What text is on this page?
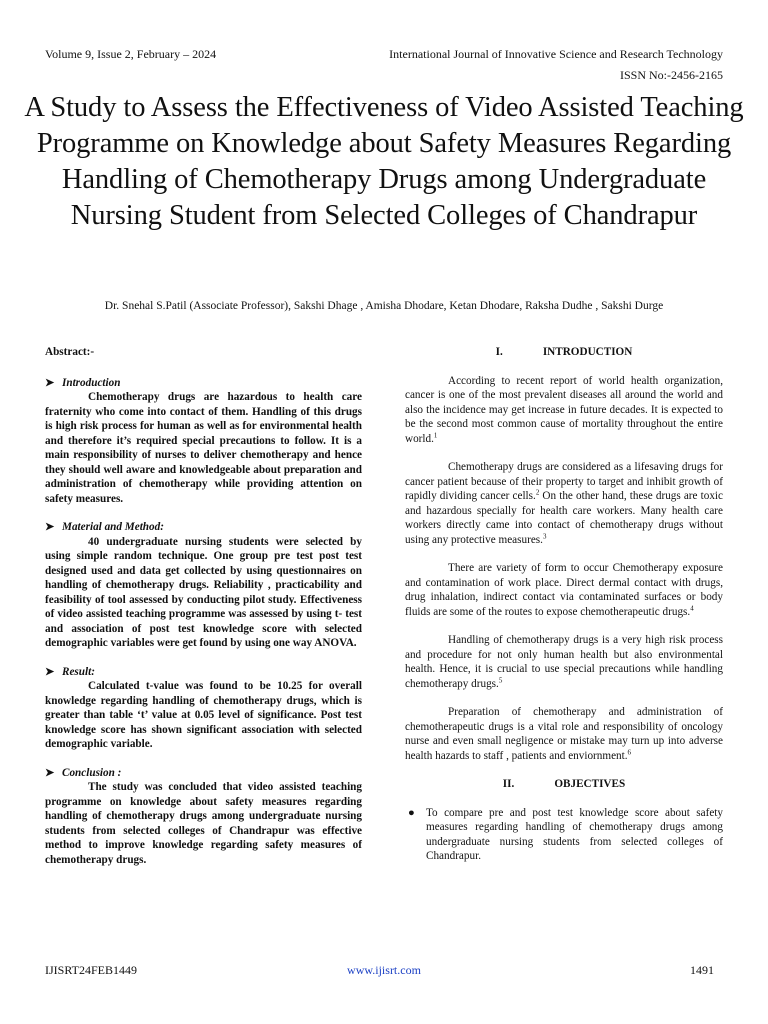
Volume 9, Issue 2, February – 2024	International Journal of Innovative Science and Research Technology
ISSN No:-2456-2165
A Study to Assess the Effectiveness of Video Assisted Teaching Programme on Knowledge about Safety Measures Regarding Handling of Chemotherapy Drugs among Undergraduate Nursing Student from Selected Colleges of Chandrapur
Dr. Snehal S.Patil (Associate Professor), Sakshi Dhage , Amisha Dhodare, Ketan Dhodare, Raksha Dudhe , Sakshi Durge

Abstract:-

➤ Introduction

Chemotherapy drugs are hazardous to health care fraternity who come into contact of them. Handling of this drugs is high risk process for human as well as for environmental health and therefore it’s required special precautions to follow. It is a main responsibility of nurses to deliver chemotherapy and hence they should well aware and knowledgeable about preparation and administration of chemotherapy while providing attention on safety measures.

➤ Material and Method:

40 undergraduate nursing students were selected by using simple random technique. One group pre test post test designed used and data get collected by using questionnaires on handling of chemotherapy drugs. Reliability , practicability and feasibility of tool assessed by conducting pilot study. Effectiveness of video assisted teaching programme was assessed by using t- test and association of post test knowledge score with selected demographic variables were get found by using one way ANOVA.

➤ Result:

Calculated t-value was found to be 10.25 for overall knowledge regarding handling of chemotherapy drugs, which is greater than table ‘t’ value at 0.05 level of significance. Post test knowledge score has shown significant association with selected demographic variable.

➤ Conclusion :

The study was concluded that video assisted teaching programme on knowledge about safety measures regarding handling of chemotherapy drugs among undergraduate nursing students from selected colleges of Chandrapur was effective method to improve knowledge regarding safety measures of chemotherapy drugs.

I.	INTRODUCTION

According to recent report of world health organization, cancer is one of the most prevalent diseases all around the world and also the incidence may get increase in future decades. It is expected to be the second most common cause of mortality throughout the entire world.$^1$

Chemotherapy drugs are considered as a lifesaving drugs for cancer patient because of their property to target and inhibit growth of rapidly dividing cancer cells.$^2$ On the other hand, these drugs are toxic and hazardous specially for health care workers. Many health care workers directly came into contact of chemotherapy drugs without using any protective measures.$^3$

There are variety of form to occur Chemotherapy exposure and contamination of work place. Direct dermal contact with drugs, drug inhalation, indirect contact via contaminated surfaces or body fluids are some of the routes to expose chemotherapeutic drugs.$^4$

Handling of chemotherapy drugs is a very high risk process and procedure for not only human health but also environmental health. Hence, it is crucial to use special precautions while handling chemotherapy drugs.$^5$

Preparation of chemotherapy and administration of chemotherapeutic drugs is a vital role and responsibility of oncology nurse and even small negligence or mistake may turn up into adverse health hazards to staff , patients and enviornment.$^6$

II.	OBJECTIVES

● To compare pre and post test knowledge score about safety measures regarding handling of chemotherapy drugs among undergraduate nursing students from selected colleges of Chandrapur.
IJISRT24FEB1449	www.ijisrt.com	1491
